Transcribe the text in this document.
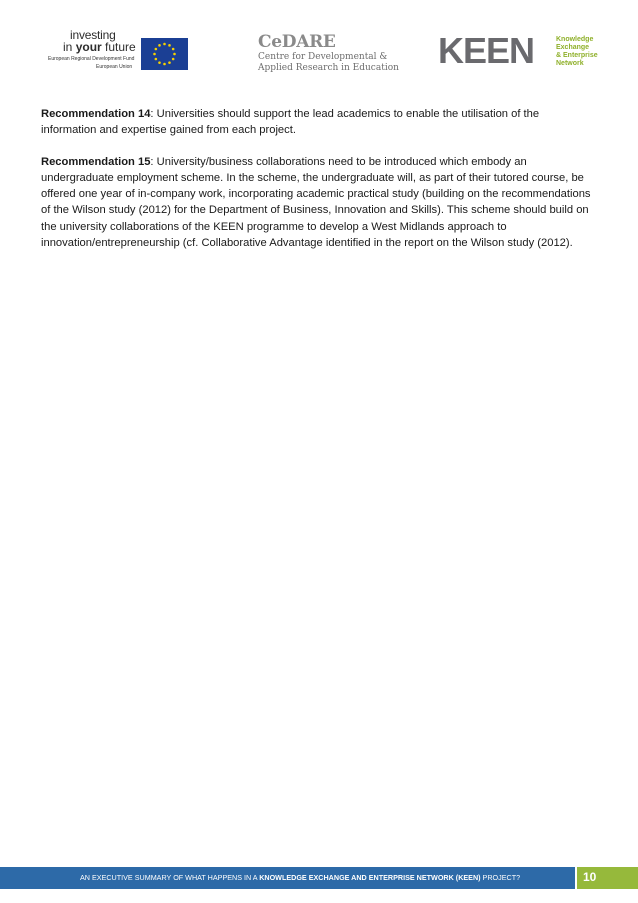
investing
in your future
European Regional Development Fund
European Union
CeDARE
Centre for Developmental &
Applied Research in Education KEEN	Knowledge
Exchange
& Enterprise
Network

Recommendation 14: Universities should support the lead academics to enable the utilisation of the information and expertise gained from each project.

Recommendation 15: University/business collaborations need to be introduced which embody an undergraduate employment scheme. In the scheme, the undergraduate will, as part of their tutored course, be offered one year of in-company work, incorporating academic practical study (building on the recommendations of the Wilson study (2012) for the Department of Business, Innovation and Skills). This scheme should build on the university collaborations of the KEEN programme to develop a West Midlands approach to innovation/entrepreneurship (cf. Collaborative Advantage identified in the report on the Wilson study (2012).

AN EXECUTIVE SUMMARY OF WHAT HAPPENS IN A KNOWLEDGE EXCHANGE AND ENTERPRISE NETWORK (KEEN) PROJECT?	10
